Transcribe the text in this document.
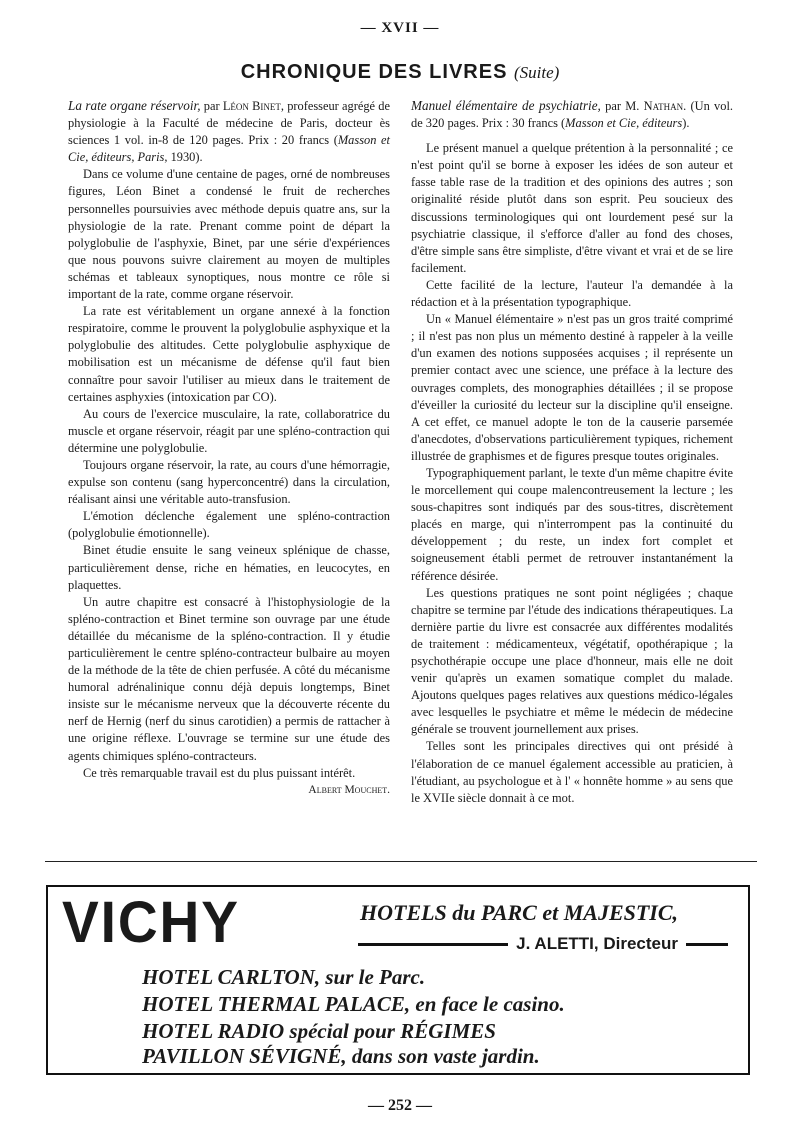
— XVII —
CHRONIQUE DES LIVRES (Suite)

La rate organe réservoir, par Léon Binet, professeur agrégé de physiologie à la Faculté de médecine de Paris, docteur ès sciences 1 vol. in-8 de 120 pages. Prix : 20 francs (Masson et Cie, éditeurs, Paris, 1930).

Dans ce volume d'une centaine de pages, orné de nombreuses figures, Léon Binet a condensé le fruit de recherches personnelles poursuivies avec méthode depuis quatre ans, sur la physiologie de la rate. Prenant comme point de départ la polyglobulie de l'asphyxie, Binet, par une série d'expériences que nous pouvons suivre clairement au moyen de multiples schémas et tableaux synoptiques, nous montre ce rôle si important de la rate, comme organe réservoir.

La rate est véritablement un organe annexé à la fonction respiratoire, comme le prouvent la polyglobulie asphyxique et la polyglobulie des altitudes. Cette polyglobulie asphyxique de mobilisation est un mécanisme de défense qu'il faut bien connaître pour savoir l'utiliser au mieux dans le traitement de certaines asphyxies (intoxication par CO).

Au cours de l'exercice musculaire, la rate, collaboratrice du muscle et organe réservoir, réagit par une spléno-contraction qui détermine une polyglobulie.

Toujours organe réservoir, la rate, au cours d'une hémorragie, expulse son contenu (sang hyperconcentré) dans la circulation, réalisant ainsi une véritable auto-transfusion.

L'émotion déclenche également une spléno-contraction (polyglobulie émotionnelle).

Binet étudie ensuite le sang veineux splénique de chasse, particulièrement dense, riche en hématies, en leucocytes, en plaquettes.

Un autre chapitre est consacré à l'histophysiologie de la spléno-contraction et Binet termine son ouvrage par une étude détaillée du mécanisme de la spléno-contraction. Il y étudie particulièrement le centre spléno-contracteur bulbaire au moyen de la méthode de la tête de chien perfusée. A côté du mécanisme humoral adrénalinique connu déjà depuis longtemps, Binet insiste sur le mécanisme nerveux que la découverte récente du nerf de Hernig (nerf du sinus carotidien) a permis de rattacher à une origine réflexe. L'ouvrage se termine sur une étude des agents chimiques spléno-contracteurs.

Ce très remarquable travail est du plus puissant intérêt.
Albert Mouchet.

Manuel élémentaire de psychiatrie, par M. Nathan. (Un vol. de 320 pages. Prix : 30 francs (Masson et Cie, éditeurs).

Le présent manuel a quelque prétention à la personnalité ; ce n'est point qu'il se borne à exposer les idées de son auteur et fasse table rase de la tradition et des opinions des autres ; son originalité réside plutôt dans son esprit. Peu soucieux des discussions terminologiques qui ont lourdement pesé sur la psychiatrie classique, il s'efforce d'aller au fond des choses, d'être simple sans être simpliste, d'être vivant et vrai et de se lire facilement.

Cette facilité de la lecture, l'auteur l'a demandée à la rédaction et à la présentation typographique.

Un « Manuel élémentaire » n'est pas un gros traité comprimé ; il n'est pas non plus un mémento destiné à rappeler à la veille d'un examen des notions supposées acquises ; il représente un premier contact avec une science, une préface à la lecture des ouvrages complets, des monographies détaillées ; il se propose d'éveiller la curiosité du lecteur sur la discipline qu'il enseigne. A cet effet, ce manuel adopte le ton de la causerie parsemée d'anecdotes, d'observations particulièrement typiques, richement illustrée de graphismes et de figures presque toutes originales.

Typographiquement parlant, le texte d'un même chapitre évite le morcellement qui coupe malencontreusement la lecture ; les sous-chapitres sont indiqués par des sous-titres, discrètement placés en marge, qui n'interrompent pas la continuité du développement ; du reste, un index fort complet et soigneusement établi permet de retrouver instantanément la référence désirée.

Les questions pratiques ne sont point négligées ; chaque chapitre se termine par l'étude des indications thérapeutiques. La dernière partie du livre est consacrée aux différentes modalités de traitement : médicamenteux, végétatif, opothérapique ; la psychothérapie occupe une place d'honneur, mais elle ne doit venir qu'après un examen somatique complet du malade. Ajoutons quelques pages relatives aux questions médico-légales avec lesquelles le psychiatre et même le médecin de médecine générale se trouvent journellement aux prises.

Telles sont les principales directives qui ont présidé à l'élaboration de ce manuel également accessible au praticien, à l'étudiant, au psychologue et à l' « honnête homme » au sens que le XVIIe siècle donnait à ce mot.

VICHY	HOTELS du PARC et MAJESTIC,
J. ALETTI, Directeur
HOTEL CARLTON, sur le Parc.
HOTEL THERMAL PALACE, en face le casino.
HOTEL RADIO spécial pour RÉGIMES
PAVILLON SÉVIGNÉ, dans son vaste jardin.
— 252 —
